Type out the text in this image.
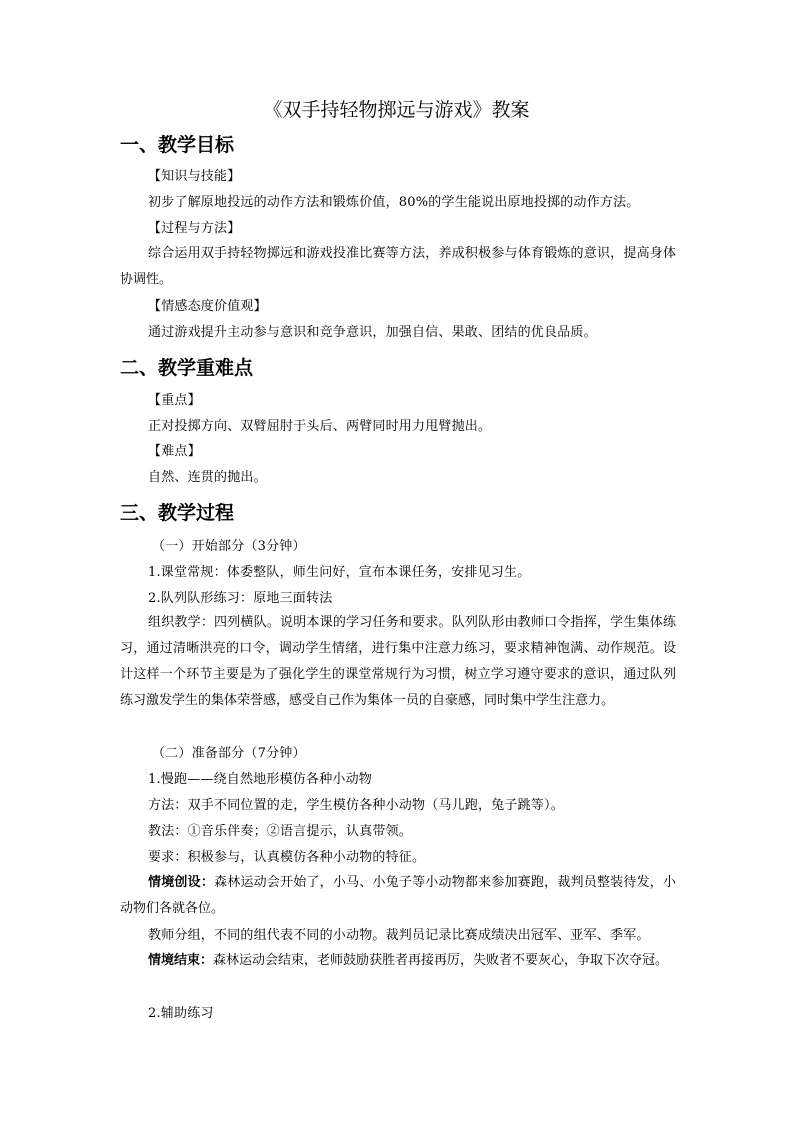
《双手持轻物掷远与游戏》教案
一、教学目标
【知识与技能】
初步了解原地投远的动作方法和锻炼价值，80%的学生能说出原地投掷的动作方法。
【过程与方法】
综合运用双手持轻物掷远和游戏投准比赛等方法，养成积极参与体育锻炼的意识，提高身体协调性。
【情感态度价值观】
通过游戏提升主动参与意识和竞争意识，加强自信、果敢、团结的优良品质。
二、教学重难点
【重点】
正对投掷方向、双臂屈肘于头后、两臂同时用力甩臂抛出。
【难点】
自然、连贯的抛出。
三、教学过程
（一）开始部分（3分钟）
1.课堂常规：体委整队，师生问好，宣布本课任务，安排见习生。
2.队列队形练习：原地三面转法
组织教学：四列横队。说明本课的学习任务和要求。队列队形由教师口令指挥，学生集体练习，通过清晰洪亮的口令，调动学生情绪，进行集中注意力练习，要求精神饱满、动作规范。设计这样一个环节主要是为了强化学生的课堂常规行为习惯，树立学习遵守要求的意识，通过队列练习激发学生的集体荣誉感，感受自己作为集体一员的自豪感，同时集中学生注意力。
（二）准备部分（7分钟）
1.慢跑——绕自然地形模仿各种小动物
方法：双手不同位置的走，学生模仿各种小动物（马儿跑，兔子跳等）。
教法：①音乐伴奏；②语言提示，认真带领。
要求：积极参与，认真模仿各种小动物的特征。
情境创设：森林运动会开始了，小马、小兔子等小动物都来参加赛跑，裁判员整装待发，小动物们各就各位。
教师分组，不同的组代表不同的小动物。裁判员记录比赛成绩决出冠军、亚军、季军。
情境结束：森林运动会结束，老师鼓励获胜者再接再厉，失败者不要灰心，争取下次夺冠。
2.辅助练习
